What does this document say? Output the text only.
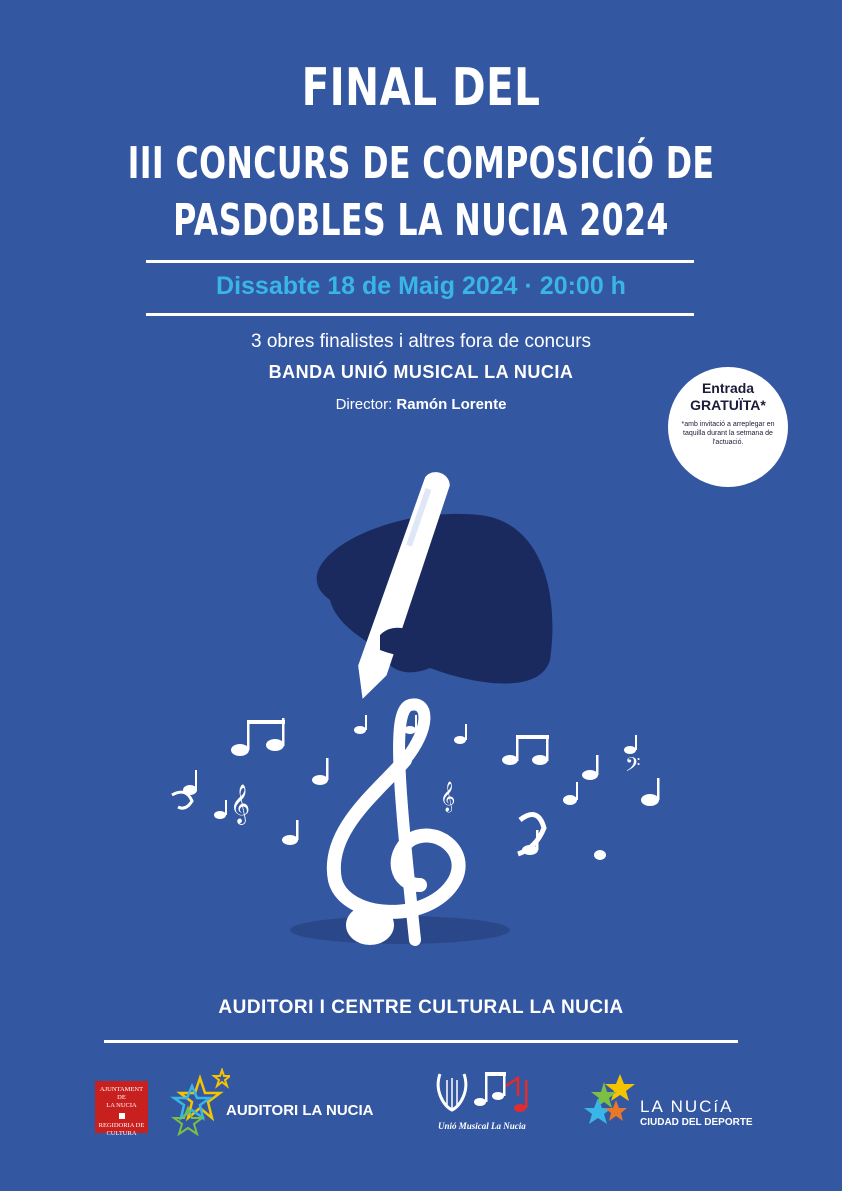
FINAL DEL
III CONCURS DE COMPOSICIÓ DE
PASDOBLES LA NUCIA 2024
Dissabte 18 de Maig 2024 · 20:00 h
3 obres finalistes i altres fora de concurs
BANDA UNIÓ MUSICAL LA NUCIA
Director: Ramón Lorente
Entrada
GRATUÏTA*
*amb invitació a arreplegar en taquilla durant la setmana de l'actuació.
𝄞	𝄞
𝄢
AUDITORI I CENTRE CULTURAL LA NUCIA
AJUNTAMENT DE
LA NUCIA
REGIDORIA DE
CULTURA
AUDITORI LA NUCIA
Unió Musical La Nucia
LA NUCíA
CIUDAD DEL DEPORTE
